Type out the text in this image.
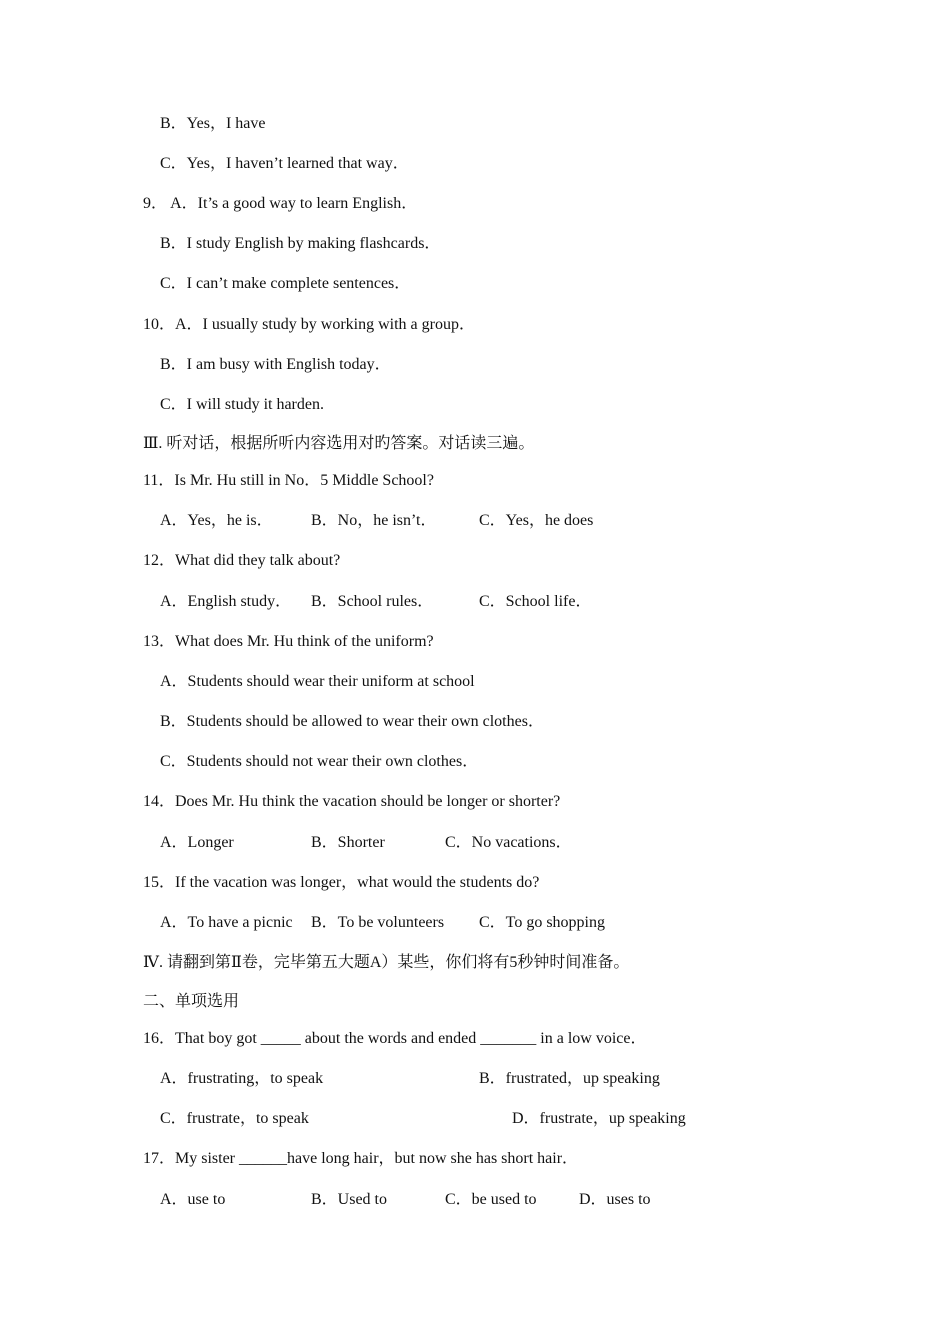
B．Yes，I have
C．Yes，I haven’t learned that way．
9． A．It’s a good way to learn English．
B．I study English by making flashcards．
C．I can’t make complete sentences．
10．A．I usually study by working with a group．
B．I am busy with English today．
C．I will study it harden.
Ⅲ. 听对话，根据所听内容选用对旳答案。对话读三遍。
11．Is Mr. Hu still in No．5 Middle School?
A．Yes，he is． B．No，he isn’t．	C．Yes，he does
12．What did they talk about?
A．English study． B．School rules．	C．School life．
13．What does Mr. Hu think of the uniform?
A．Students should wear their uniform at school
B．Students should be allowed to wear their own clothes．
C．Students should not wear their own clothes．
14．Does Mr. Hu think the vacation should be longer or shorter?
A．Longer	B．Shorter	C．No vacations．
15．If the vacation was longer，what would the students do?
A．To have a picnic B．To be volunteers C．To go shopping
Ⅳ. 请翻到第Ⅱ卷，完毕第五大题A）某些，你们将有5秒钟时间准备。
二、单项选用
16．That boy got _____ about the words and ended _______ in a low voice．
A．frustrating，to speak	B．frustrated，up speaking
C．frustrate，to speak	D．frustrate，up speaking
17．My sister ______have long hair，but now she has short hair．
A．use to	B．Used to	C．be used to	D．uses to
